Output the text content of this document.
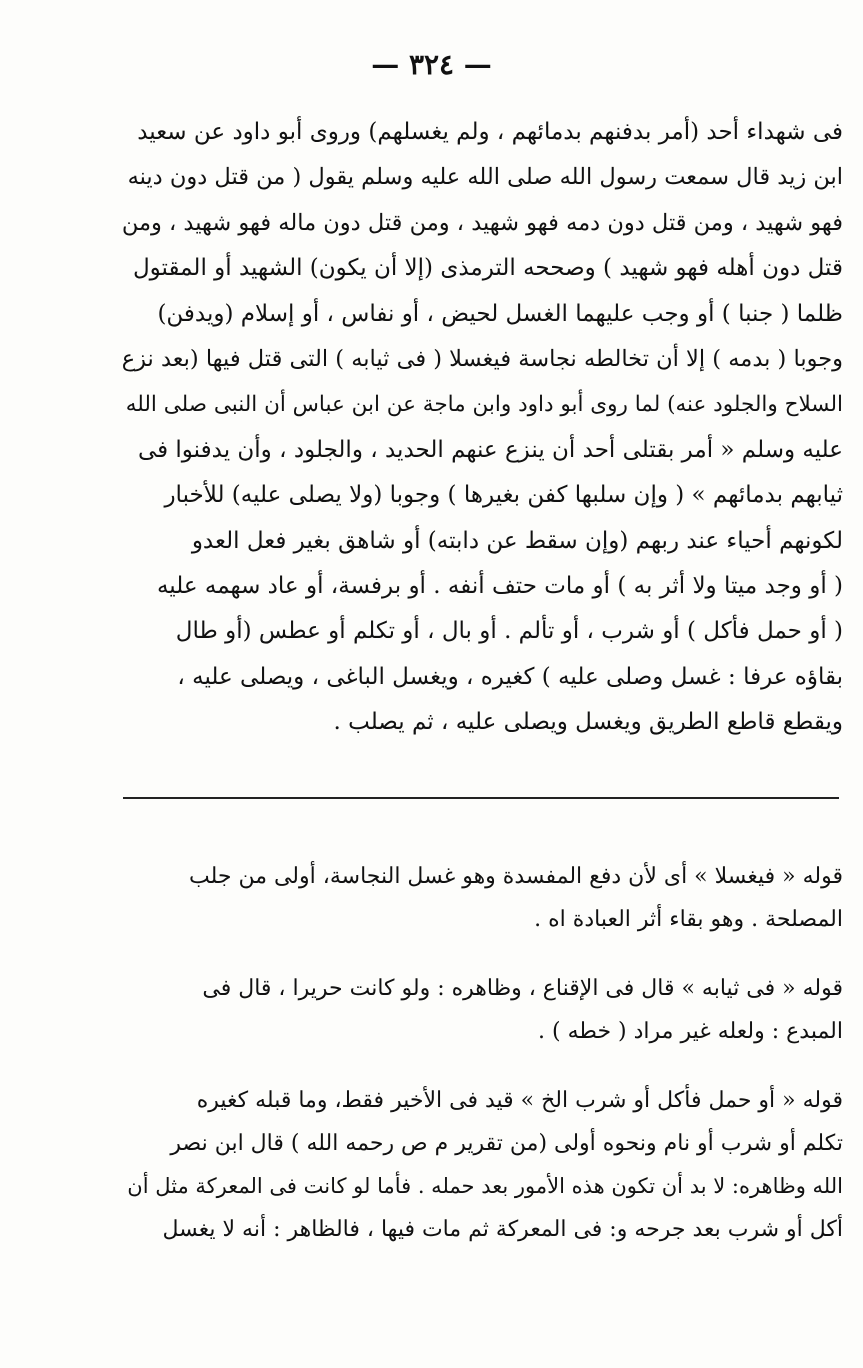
— ٣٢٤ —
فى شهداء أحد (أمر بدفنهم بدمائهم ، ولم يغسلهم) وروى أبو داود عن سعيد
ابن زيد قال سمعت رسول الله صلى الله عليه وسلم يقول ( من قتل دون دينه
فهو شهيد ، ومن قتل دون دمه فهو شهيد ، ومن قتل دون ماله فهو شهيد ، ومن
قتل دون أهله فهو شهيد ) وصححه الترمذى (إلا أن يكون) الشهيد أو المقتول
ظلما ( جنبا ) أو وجب عليهما الغسل لحيض ، أو نفاس ، أو إسلام (ويدفن)
وجوبا ( بدمه ) إلا أن تخالطه نجاسة فيغسلا ( فى ثيابه ) التى قتل فيها (بعد نزع
السلاح والجلود عنه) لما روى أبو داود وابن ماجة عن ابن عباس أن النبى صلى الله
عليه وسلم « أمر بقتلى أحد أن ينزع عنهم الحديد ، والجلود ، وأن يدفنوا فى
ثيابهم بدمائهم » ( وإن سلبها كفن بغيرها ) وجوبا (ولا يصلى عليه) للأخبار
لكونهم أحياء عند ربهم (وإن سقط عن دابته) أو شاهق بغير فعل العدو
( أو وجد ميتا ولا أثر به ) أو مات حتف أنفه . أو برفسة، أو عاد سهمه عليه
( أو حمل فأكل ) أو شرب ، أو تألم . أو بال ، أو تكلم أو عطس (أو طال
بقاؤه عرفا : غسل وصلى عليه ) كغيره ، ويغسل الباغى ، ويصلى عليه ،
ويقطع قاطع الطريق ويغسل ويصلى عليه ، ثم يصلب .
قوله « فيغسلا » أى لأن دفع المفسدة وهو غسل النجاسة، أولى من جلب
المصلحة . وهو بقاء أثر العبادة اه .
قوله « فى ثيابه » قال فى الإقناع ، وظاهره : ولو كانت حريرا ، قال فى
المبدع : ولعله غير مراد ( خطه ) .
قوله « أو حمل فأكل أو شرب الخ » قيد فى الأخير فقط، وما قبله كغيره
تكلم أو شرب أو نام ونحوه أولى (من تقرير م ص رحمه الله ) قال ابن نصر
الله وظاهره: لا بد أن تكون هذه الأمور بعد حمله . فأما لو كانت فى المعركة مثل أن
أكل أو شرب بعد جرحه و: فى المعركة ثم مات فيها ، فالظاهر : أنه لا يغسل
